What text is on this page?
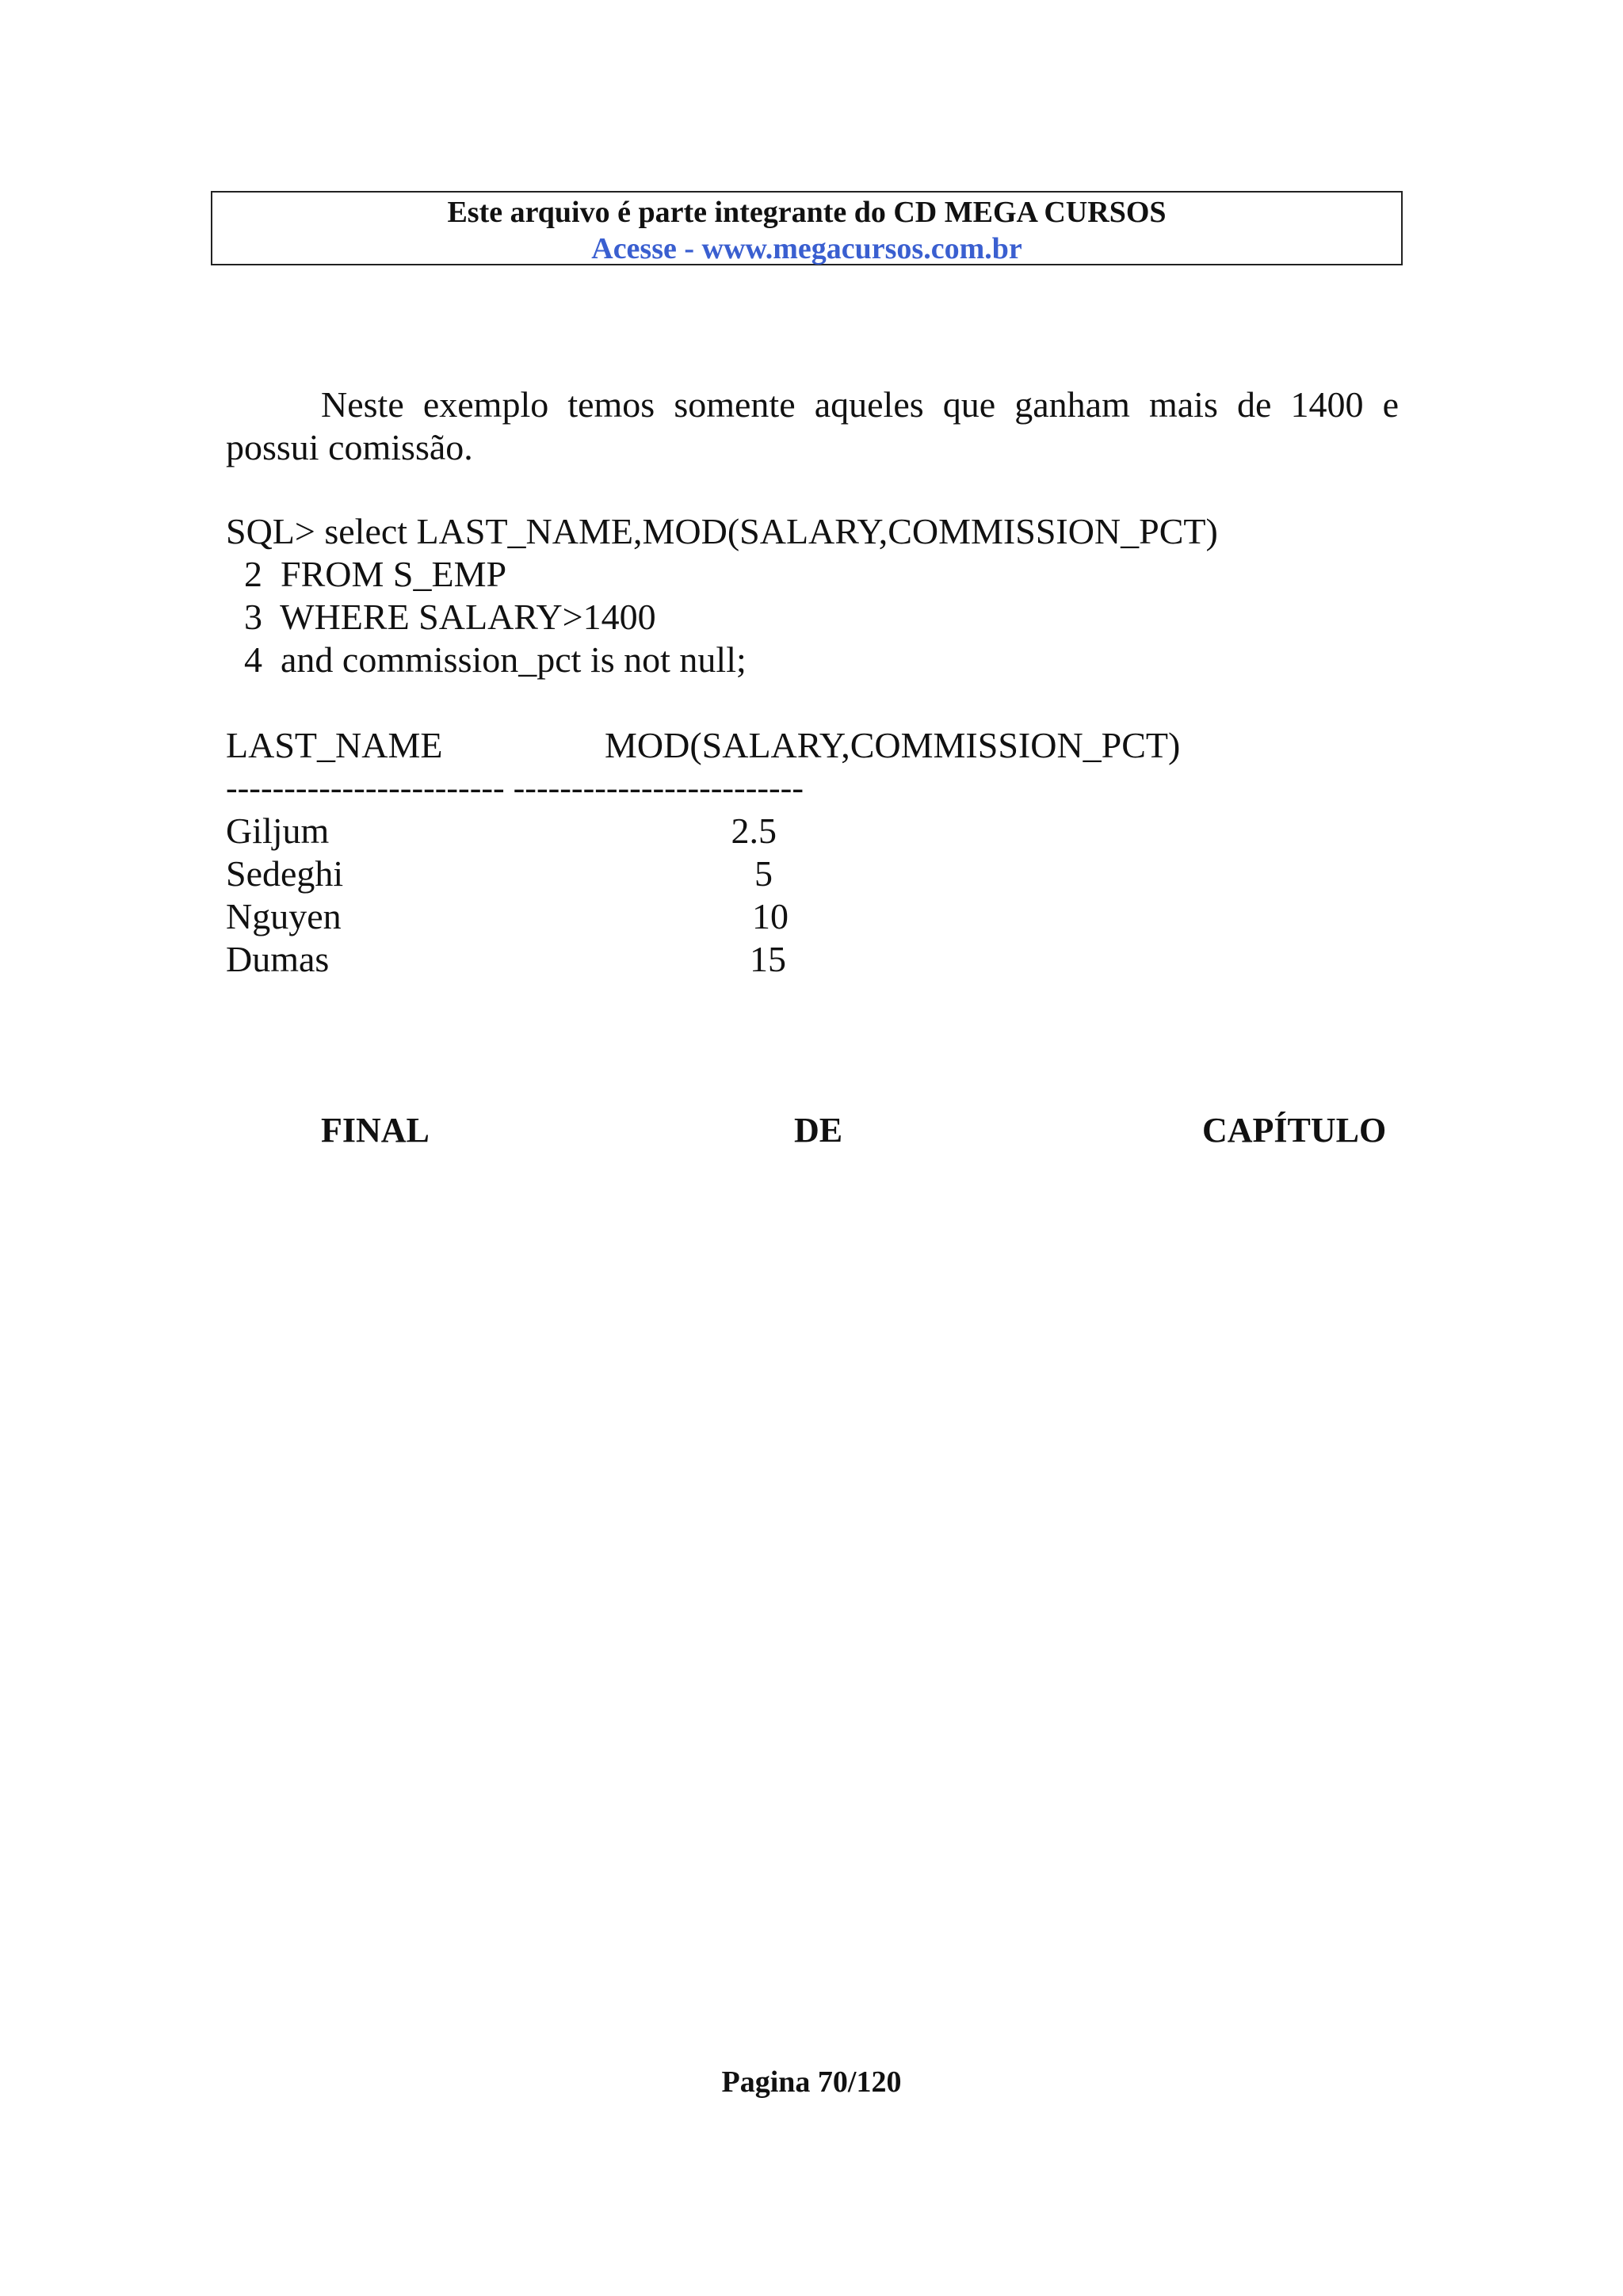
Este arquivo é parte integrante do CD MEGA CURSOS
Acesse - www.megacursos.com.br
Neste exemplo temos somente aqueles que ganham mais de 1400 e possui comissão.
SQL> select LAST_NAME,MOD(SALARY,COMMISSION_PCT)
2  FROM S_EMP
3  WHERE SALARY>1400
4  and commission_pct is not null;
LAST_NAME	MOD(SALARY,COMMISSION_PCT)
------------------------ -------------------------
Giljum	2.5
Sedeghi	5
Nguyen	10
Dumas	15
FINAL	DE	CAPÍTULO
Pagina 70/120
